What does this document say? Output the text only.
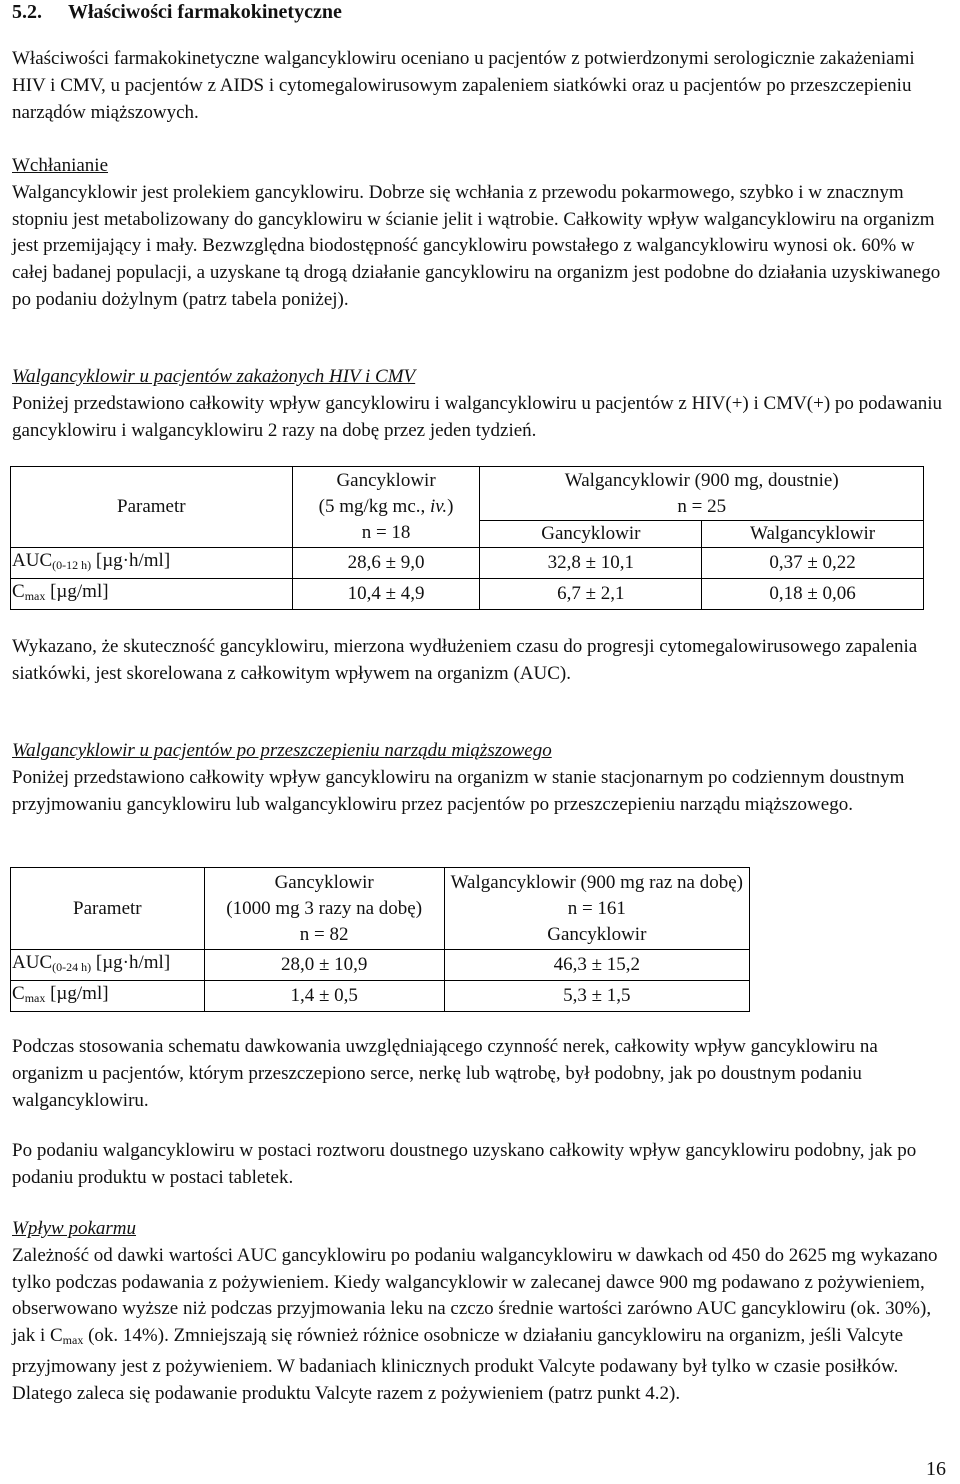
5.2. Właściwości farmakokinetyczne

Właściwości farmakokinetyczne walgancyklowiru oceniano u pacjentów z potwierdzonymi serologicznie zakażeniami HIV i CMV, u pacjentów z AIDS i cytomegalowirusowym zapaleniem siatkówki oraz u pacjentów po przeszczepieniu narządów miąższowych.

Wchłanianie
Walgancyklowir jest prolekiem gancyklowiru. Dobrze się wchłania z przewodu pokarmowego, szybko i w znacznym stopniu jest metabolizowany do gancyklowiru w ścianie jelit i wątrobie. Całkowity wpływ walgancyklowiru na organizm jest przemijający i mały. Bezwzględna biodostępność gancyklowiru powstałego z walgancyklowiru wynosi ok. 60% w całej badanej populacji, a uzyskane tą drogą działanie gancyklowiru na organizm jest podobne do działania uzyskiwanego po podaniu dożylnym (patrz tabela poniżej).
Walgancyklowir u pacjentów zakażonych HIV i CMV
Poniżej przedstawiono całkowity wpływ gancyklowiru i walgancyklowiru u pacjentów z HIV(+) i CMV(+) po podawaniu gancyklowiru i walgancyklowiru 2 razy na dobę przez jeden tydzień.
Parametr	Gancyklowir
(5 mg/kg mc., iv.)
n = 18	Walgancyklowir (900 mg, doustnie)
n = 25	
		Gancyklowir	Walgancyklowir
$AUC_{(0-12 h)}$ [µg·h/ml]	28,6 ± 9,0	32,8 ± 10,1	0,37 ± 0,22
$C_{max}$ [µg/ml]	10,4 ± 4,9	6,7 ± 2,1	0,18 ± 0,06

Wykazano, że skuteczność gancyklowiru, mierzona wydłużeniem czasu do progresji cytomegalowirusowego zapalenia siatkówki, jest skorelowana z całkowitym wpływem na organizm (AUC).

Walgancyklowir u pacjentów po przeszczepieniu narządu miąższowego
Poniżej przedstawiono całkowity wpływ gancyklowiru na organizm w stanie stacjonarnym po codziennym doustnym przyjmowaniu gancyklowiru lub walgancyklowiru przez pacjentów po przeszczepieniu narządu miąższowego.
Parametr	Gancyklowir
(1000 mg 3 razy na dobę)
n = 82	Walgancyklowir (900 mg raz na dobę)
n = 161
Gancyklowir
$AUC_{(0-24 h)}$ [µg·h/ml]	28,0 ± 10,9	46,3 ± 15,2
$C_{max}$ [µg/ml]	1,4 ± 0,5	5,3 ± 1,5

Podczas stosowania schematu dawkowania uwzględniającego czynność nerek, całkowity wpływ gancyklowiru na organizm u pacjentów, którym przeszczepiono serce, nerkę lub wątrobę, był podobny, jak po doustnym podaniu walgancyklowiru.

Po podaniu walgancyklowiru w postaci roztworu doustnego uzyskano całkowity wpływ gancyklowiru podobny, jak po podaniu produktu w postaci tabletek.

Wpływ pokarmu
Zależność od dawki wartości AUC gancyklowiru po podaniu walgancyklowiru w dawkach od 450 do 2625 mg wykazano tylko podczas podawania z pożywieniem. Kiedy walgancyklowir w zalecanej dawce 900 mg podawano z pożywieniem, obserwowano wyższe niż podczas przyjmowania leku na czczo średnie wartości zarówno AUC gancyklowiru (ok. 30%), jak i $C_{max}$ (ok. 14%). Zmniejszają się również różnice osobnicze w działaniu gancyklowiru na organizm, jeśli Valcyte przyjmowany jest z pożywieniem. W badaniach klinicznych produkt Valcyte podawany był tylko w czasie posiłków. Dlatego zaleca się podawanie produktu Valcyte razem z pożywieniem (patrz punkt 4.2).
16
